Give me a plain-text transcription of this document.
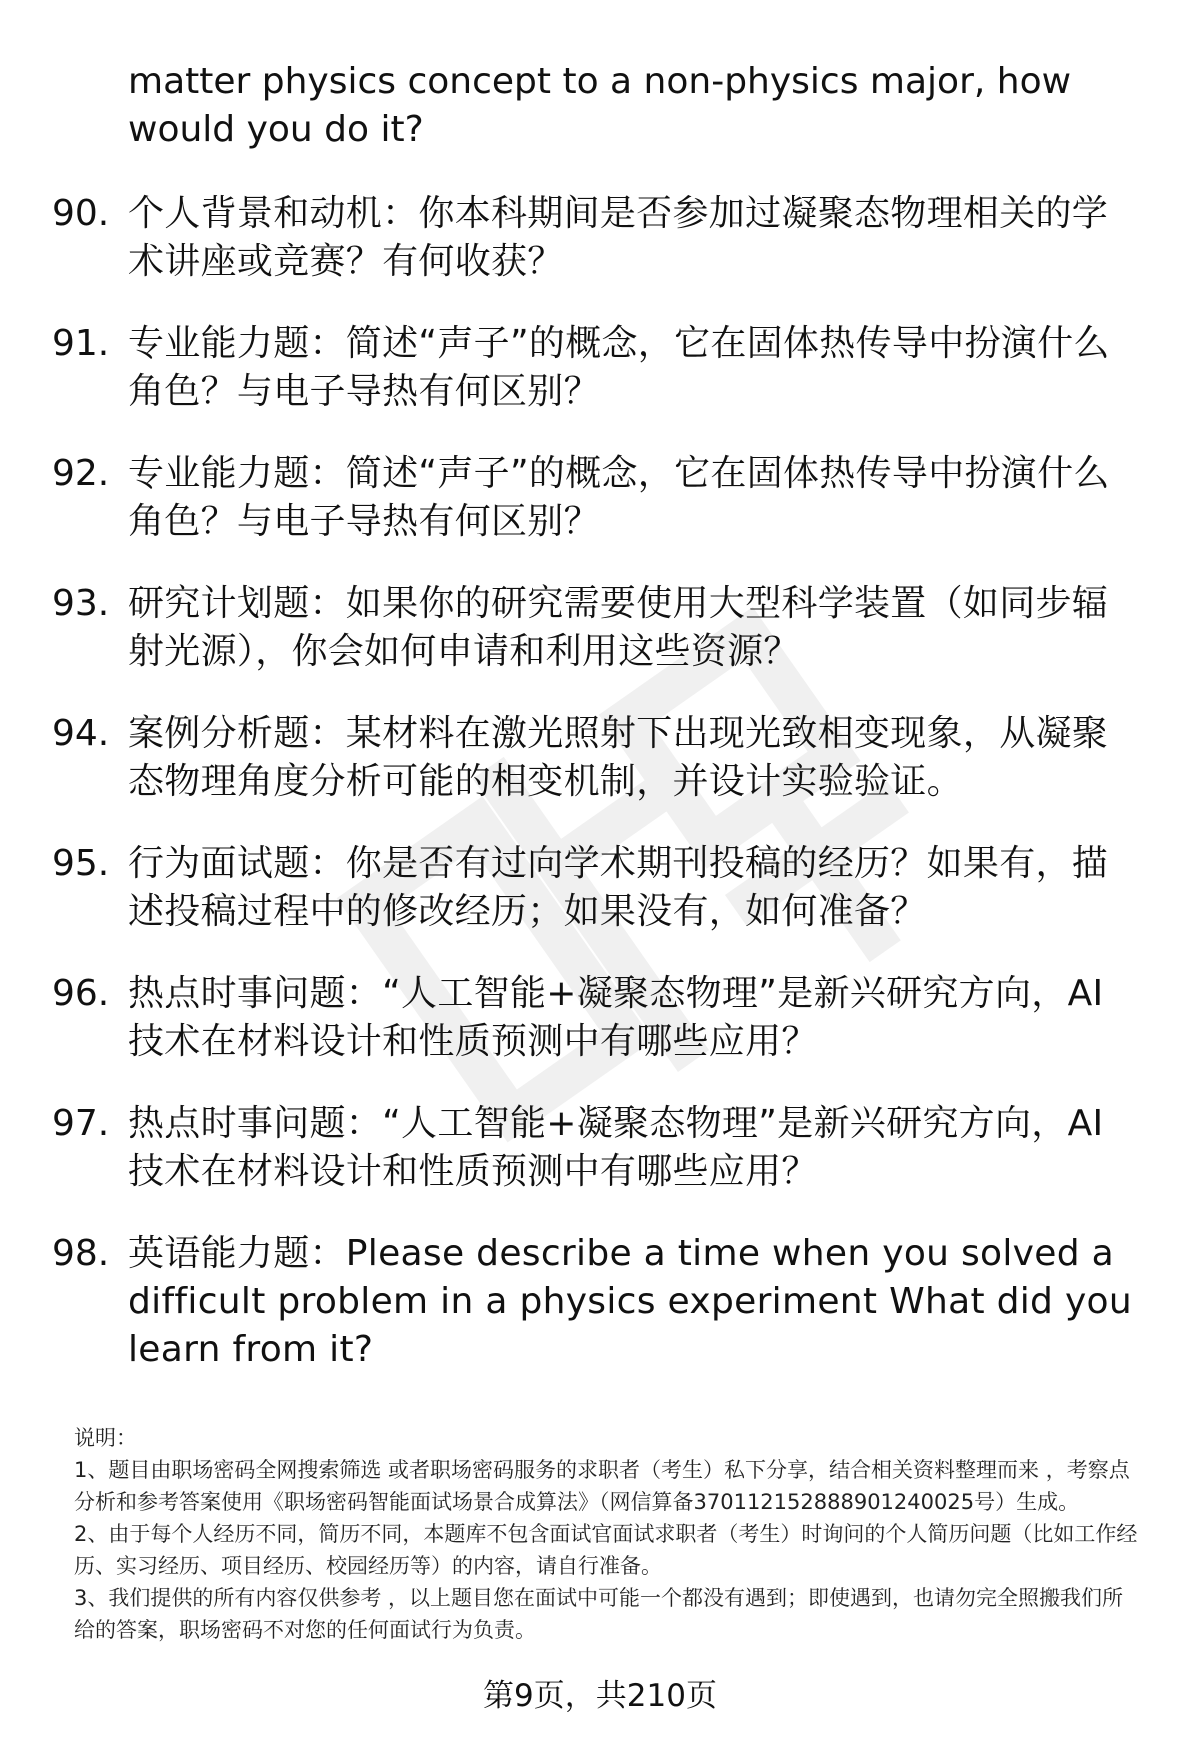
matter physics concept to a non-physics major, how would you do it?
90. 个人背景和动机：你本科期间是否参加过凝聚态物理相关的学术讲座或竞赛？有何收获？
91. 专业能力题：简述“声子”的概念，它在固体热传导中扮演什么角色？与电子导热有何区别？
92. 专业能力题：简述“声子”的概念，它在固体热传导中扮演什么角色？与电子导热有何区别？
93. 研究计划题：如果你的研究需要使用大型科学装置（如同步辐射光源），你会如何申请和利用这些资源？
94. 案例分析题：某材料在激光照射下出现光致相变现象，从凝聚态物理角度分析可能的相变机制，并设计实验验证。
95. 行为面试题：你是否有过向学术期刊投稿的经历？如果有，描述投稿过程中的修改经历；如果没有，如何准备？
96. 热点时事问题：“人工智能+凝聚态物理”是新兴研究方向，AI技术在材料设计和性质预测中有哪些应用？
97. 热点时事问题：“人工智能+凝聚态物理”是新兴研究方向，AI技术在材料设计和性质预测中有哪些应用？
98. 英语能力题：Please describe a time when you solved a difficult problem in a physics experiment What did you learn from it?

说明：

1、题目由职场密码全网搜索筛选 或者职场密码服务的求职者（考生）私下分享，结合相关资料整理而来 ，考察点分析和参考答案使用《职场密码智能面试场景合成算法》（网信算备370112152888901240025号）生成。

2、由于每个人经历不同，简历不同，本题库不包含面试官面试求职者（考生）时询问的个人简历问题（比如工作经历、实习经历、项目经历、校园经历等）的内容，请自行准备。

3、我们提供的所有内容仅供参考 ，以上题目您在面试中可能一个都没有遇到；即使遇到，也请勿完全照搬我们所给的答案，职场密码不对您的任何面试行为负责。

第9页，共210页
